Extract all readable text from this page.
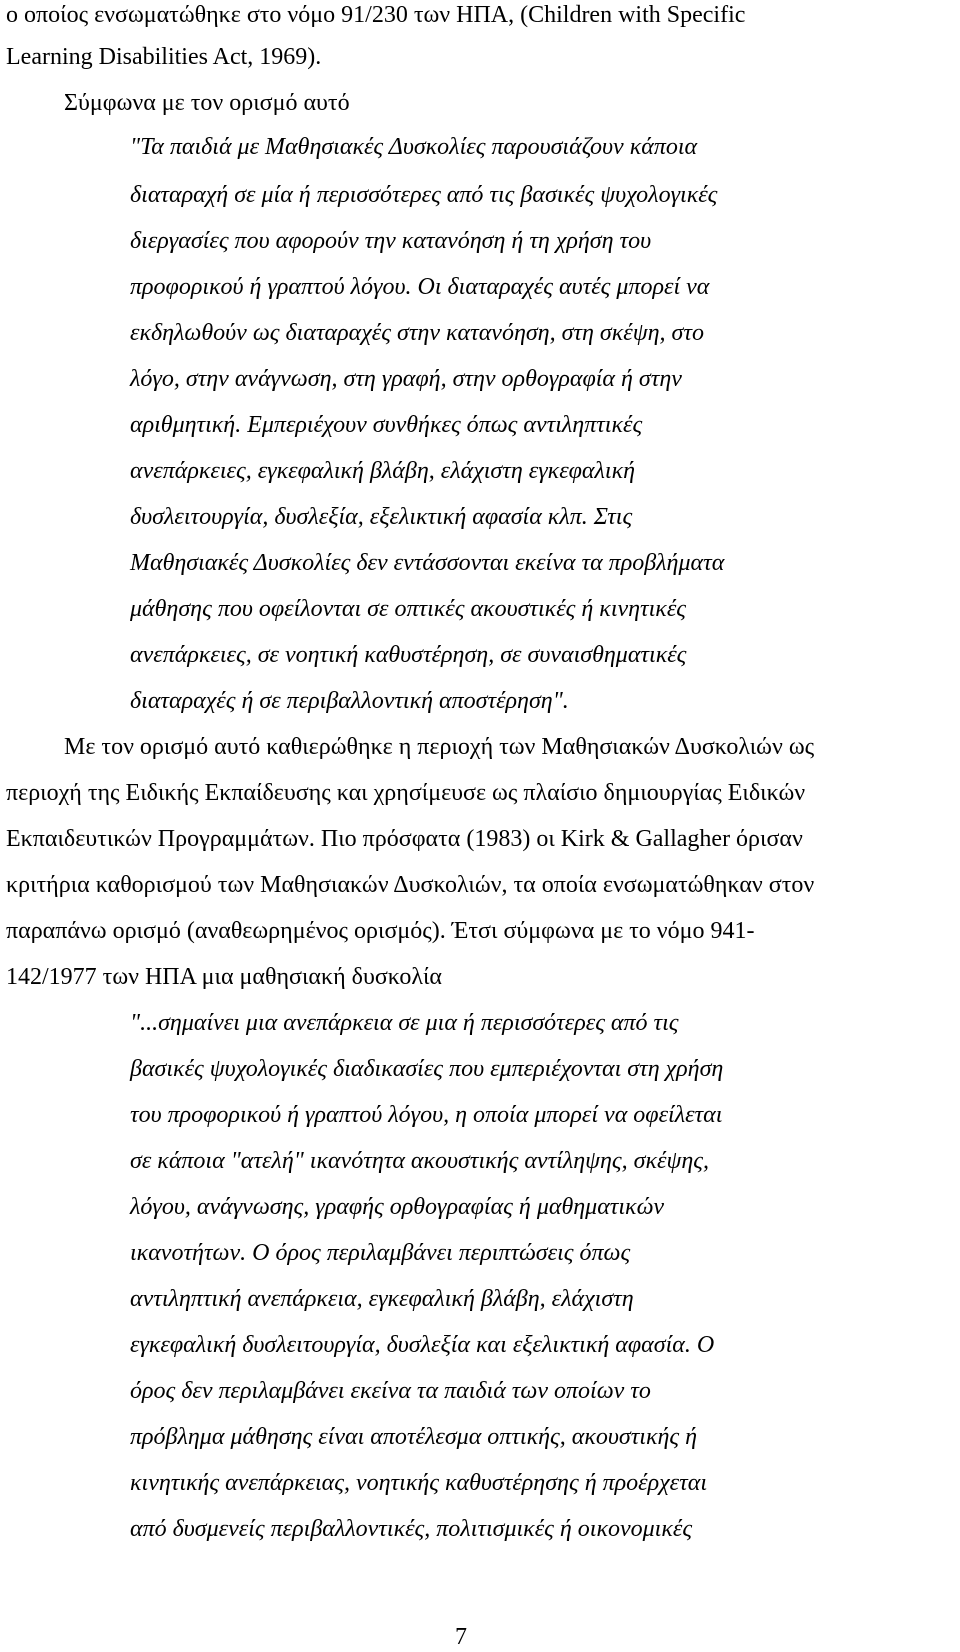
ο οποίος ενσωματώθηκε στο νόμο 91/230 των ΗΠΑ, (Children with Specific
Learning Disabilities Act, 1969).
Σύμφωνα με τον ορισμό αυτό
"Τα παιδιά με Μαθησιακές Δυσκολίες παρουσιάζουν κάποια
διαταραχή σε μία ή περισσότερες από τις βασικές ψυχολογικές
διεργασίες που αφορούν την κατανόηση ή τη χρήση του
προφορικού ή γραπτού λόγου. Οι διαταραχές αυτές μπορεί να
εκδηλωθούν ως διαταραχές στην κατανόηση, στη σκέψη, στο
λόγο, στην ανάγνωση, στη γραφή, στην ορθογραφία ή στην
αριθμητική. Εμπεριέχουν συνθήκες όπως αντιληπτικές
ανεπάρκειες, εγκεφαλική βλάβη, ελάχιστη εγκεφαλική
δυσλειτουργία, δυσλεξία, εξελικτική αφασία κλπ. Στις
Μαθησιακές Δυσκολίες δεν εντάσσονται εκείνα τα προβλήματα
μάθησης που οφείλονται σε οπτικές ακουστικές ή κινητικές
ανεπάρκειες, σε νοητική καθυστέρηση, σε συναισθηματικές
διαταραχές ή σε περιβαλλοντική αποστέρηση".
Με τον ορισμό αυτό καθιερώθηκε η περιοχή των Μαθησιακών Δυσκολιών ως
περιοχή της Ειδικής Εκπαίδευσης και χρησίμευσε ως πλαίσιο δημιουργίας Ειδικών
Εκπαιδευτικών Προγραμμάτων. Πιο πρόσφατα (1983) οι Kirk & Gallagher όρισαν
κριτήρια καθορισμού των Μαθησιακών Δυσκολιών, τα οποία ενσωματώθηκαν στον
παραπάνω ορισμό (αναθεωρημένος ορισμός). Έτσι σύμφωνα με το νόμο 941-
142/1977 των ΗΠΑ μια μαθησιακή δυσκολία
"...σημαίνει μια ανεπάρκεια σε μια ή περισσότερες από τις
βασικές ψυχολογικές διαδικασίες που εμπεριέχονται στη χρήση
του προφορικού ή γραπτού λόγου, η οποία μπορεί να οφείλεται
σε κάποια "ατελή" ικανότητα ακουστικής αντίληψης, σκέψης,
λόγου, ανάγνωσης, γραφής ορθογραφίας ή μαθηματικών
ικανοτήτων. Ο όρος περιλαμβάνει περιπτώσεις όπως
αντιληπτική ανεπάρκεια, εγκεφαλική βλάβη, ελάχιστη
εγκεφαλική δυσλειτουργία, δυσλεξία και εξελικτική αφασία. Ο
όρος δεν περιλαμβάνει εκείνα τα παιδιά των οποίων το
πρόβλημα μάθησης είναι αποτέλεσμα οπτικής, ακουστικής ή
κινητικής ανεπάρκειας, νοητικής καθυστέρησης ή προέρχεται
από δυσμενείς περιβαλλοντικές, πολιτισμικές ή οικονομικές
7
